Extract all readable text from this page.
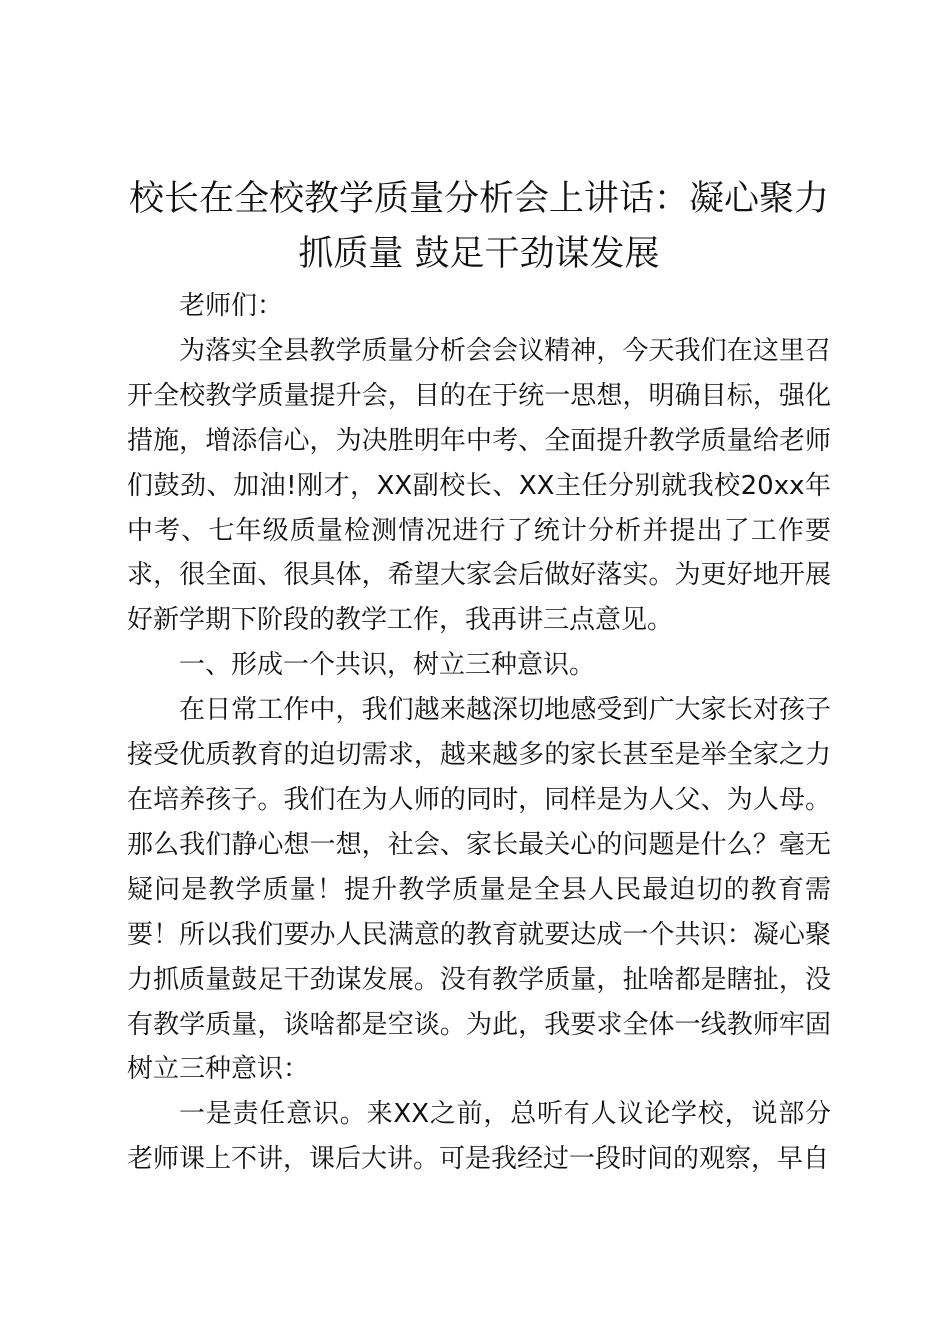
校长在全校教学质量分析会上讲话：凝心聚力
抓质量 鼓足干劲谋发展

老师们：

为落实全县教学质量分析会会议精神，今天我们在这里召开全校教学质量提升会，目的在于统一思想，明确目标，强化措施，增添信心，为决胜明年中考、全面提升教学质量给老师们鼓劲、加油!刚才，XX副校长、XX主任分别就我校20xx年中考、七年级质量检测情况进行了统计分析并提出了工作要求，很全面、很具体，希望大家会后做好落实。为更好地开展好新学期下阶段的教学工作，我再讲三点意见。

一、形成一个共识，树立三种意识。

在日常工作中，我们越来越深切地感受到广大家长对孩子接受优质教育的迫切需求，越来越多的家长甚至是举全家之力在培养孩子。我们在为人师的同时，同样是为人父、为人母。那么我们静心想一想，社会、家长最关心的问题是什么？毫无疑问是教学质量！提升教学质量是全县人民最迫切的教育需要！所以我们要办人民满意的教育就要达成一个共识：凝心聚力抓质量鼓足干劲谋发展。没有教学质量，扯啥都是瞎扯，没有教学质量，谈啥都是空谈。为此，我要求全体一线教师牢固树立三种意识：

一是责任意识。来XX之前，总听有人议论学校，说部分老师课上不讲，课后大讲。可是我经过一段时间的观察，早自
